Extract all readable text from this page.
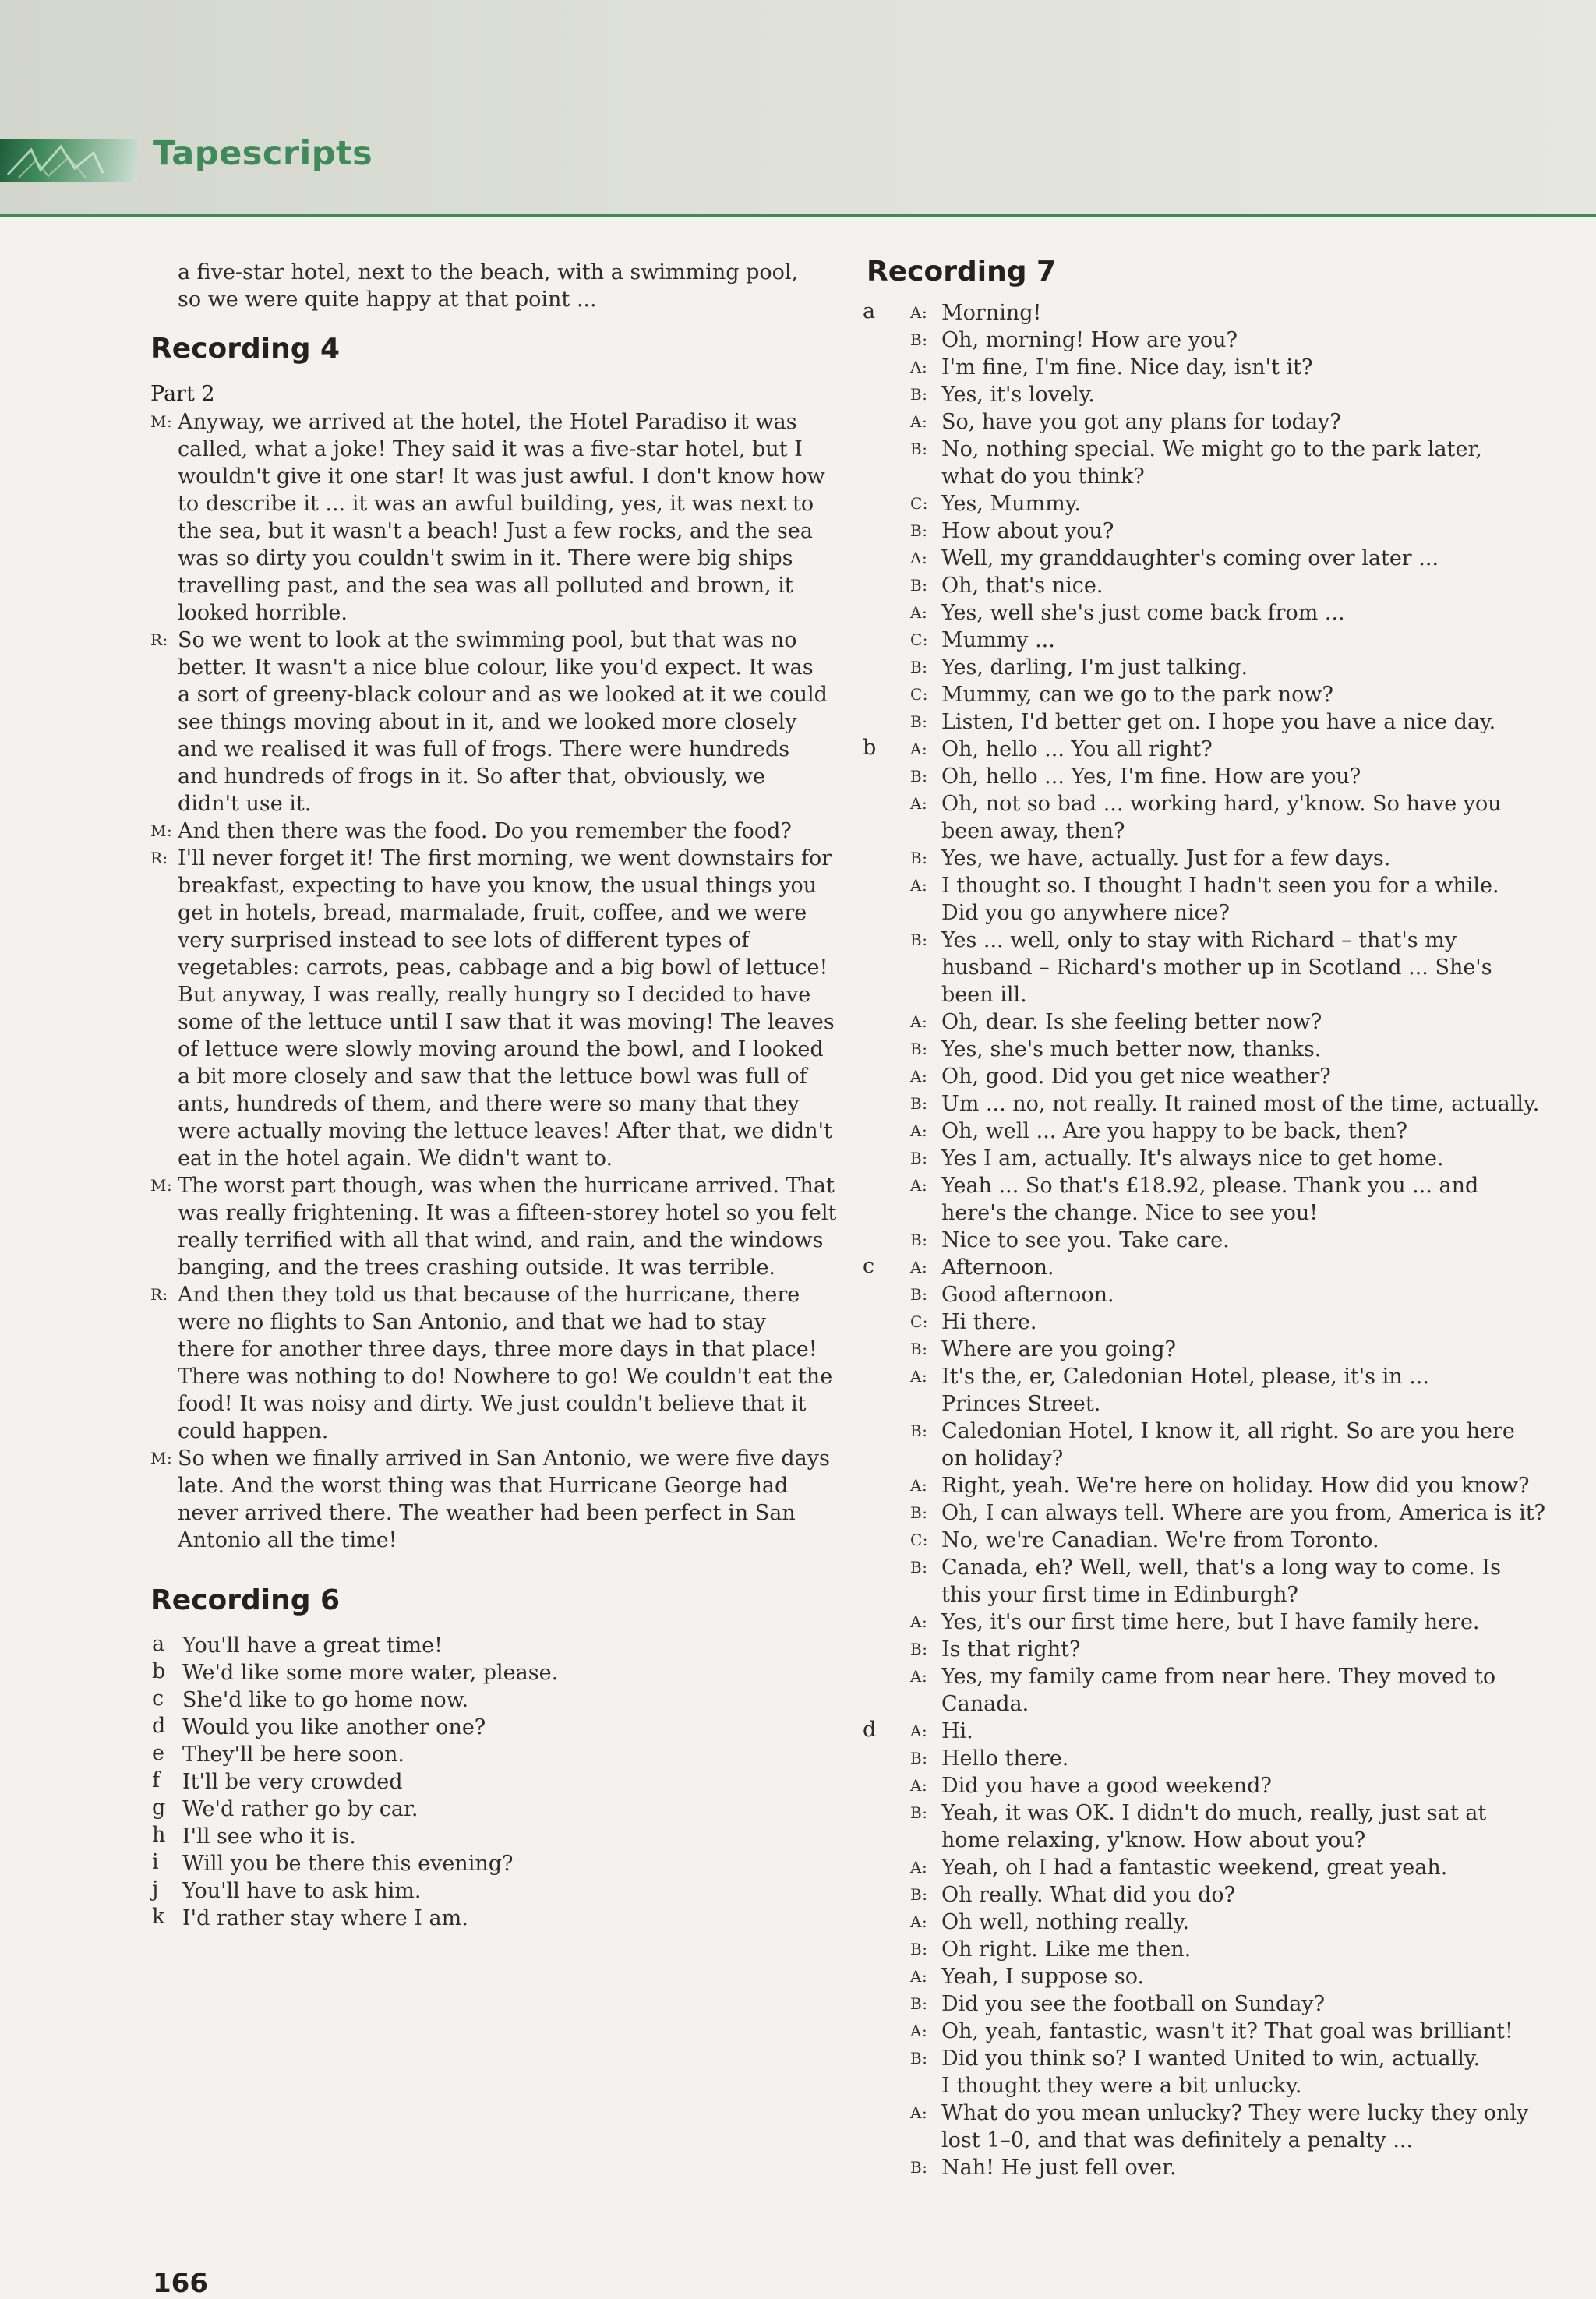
Tapescripts
a five-star hotel, next to the beach, with a swimming pool,
so we were quite happy at that point ...
Recording 4
Part 2
M: Anyway, we arrived at the hotel, the Hotel Paradiso it was
called, what a joke! They said it was a five-star hotel, but I
wouldn't give it one star! It was just awful. I don't know how
to describe it ... it was an awful building, yes, it was next to
the sea, but it wasn't a beach! Just a few rocks, and the sea
was so dirty you couldn't swim in it. There were big ships
travelling past, and the sea was all polluted and brown, it
looked horrible.
R: So we went to look at the swimming pool, but that was no
better. It wasn't a nice blue colour, like you'd expect. It was
a sort of greeny-black colour and as we looked at it we could
see things moving about in it, and we looked more closely
and we realised it was full of frogs. There were hundreds
and hundreds of frogs in it. So after that, obviously, we
didn't use it.
M: And then there was the food. Do you remember the food?
R: I'll never forget it! The first morning, we went downstairs for
breakfast, expecting to have you know, the usual things you
get in hotels, bread, marmalade, fruit, coffee, and we were
very surprised instead to see lots of different types of
vegetables: carrots, peas, cabbage and a big bowl of lettuce!
But anyway, I was really, really hungry so I decided to have
some of the lettuce until I saw that it was moving! The leaves
of lettuce were slowly moving around the bowl, and I looked
a bit more closely and saw that the lettuce bowl was full of
ants, hundreds of them, and there were so many that they
were actually moving the lettuce leaves! After that, we didn't
eat in the hotel again. We didn't want to.
M: The worst part though, was when the hurricane arrived. That
was really frightening. It was a fifteen-storey hotel so you felt
really terrified with all that wind, and rain, and the windows
banging, and the trees crashing outside. It was terrible.
R: And then they told us that because of the hurricane, there
were no flights to San Antonio, and that we had to stay
there for another three days, three more days in that place!
There was nothing to do! Nowhere to go! We couldn't eat the
food! It was noisy and dirty. We just couldn't believe that it
could happen.
M: So when we finally arrived in San Antonio, we were five days
late. And the worst thing was that Hurricane George had
never arrived there. The weather had been perfect in San
Antonio all the time!
Recording 6
a You'll have a great time!
b We'd like some more water, please.
c She'd like to go home now.
d Would you like another one?
e They'll be here soon.
f It'll be very crowded
g We'd rather go by car.
h I'll see who it is.
i Will you be there this evening?
j You'll have to ask him.
k I'd rather stay where I am.
Recording 7
a A: Morning!
B: Oh, morning! How are you?
A: I'm fine, I'm fine. Nice day, isn't it?
B: Yes, it's lovely.
A: So, have you got any plans for today?
B: No, nothing special. We might go to the park later,
what do you think?
C: Yes, Mummy.
B: How about you?
A: Well, my granddaughter's coming over later ...
B: Oh, that's nice.
A: Yes, well she's just come back from ...
C: Mummy ...
B: Yes, darling, I'm just talking.
C: Mummy, can we go to the park now?
B: Listen, I'd better get on. I hope you have a nice day.
b A: Oh, hello ... You all right?
B: Oh, hello ... Yes, I'm fine. How are you?
A: Oh, not so bad ... working hard, y'know. So have you
been away, then?
B: Yes, we have, actually. Just for a few days.
A: I thought so. I thought I hadn't seen you for a while.
Did you go anywhere nice?
B: Yes ... well, only to stay with Richard – that's my
husband – Richard's mother up in Scotland ... She's
been ill.
A: Oh, dear. Is she feeling better now?
B: Yes, she's much better now, thanks.
A: Oh, good. Did you get nice weather?
B: Um ... no, not really. It rained most of the time, actually.
A: Oh, well ... Are you happy to be back, then?
B: Yes I am, actually. It's always nice to get home.
A: Yeah ... So that's £18.92, please. Thank you ... and
here's the change. Nice to see you!
B: Nice to see you. Take care.
c A: Afternoon.
B: Good afternoon.
C: Hi there.
B: Where are you going?
A: It's the, er, Caledonian Hotel, please, it's in ...
Princes Street.
B: Caledonian Hotel, I know it, all right. So are you here
on holiday?
A: Right, yeah. We're here on holiday. How did you know?
B: Oh, I can always tell. Where are you from, America is it?
C: No, we're Canadian. We're from Toronto.
B: Canada, eh? Well, well, that's a long way to come. Is
this your first time in Edinburgh?
A: Yes, it's our first time here, but I have family here.
B: Is that right?
A: Yes, my family came from near here. They moved to
Canada.
d A: Hi.
B: Hello there.
A: Did you have a good weekend?
B: Yeah, it was OK. I didn't do much, really, just sat at
home relaxing, y'know. How about you?
A: Yeah, oh I had a fantastic weekend, great yeah.
B: Oh really. What did you do?
A: Oh well, nothing really.
B: Oh right. Like me then.
A: Yeah, I suppose so.
B: Did you see the football on Sunday?
A: Oh, yeah, fantastic, wasn't it? That goal was brilliant!
B: Did you think so? I wanted United to win, actually.
I thought they were a bit unlucky.
A: What do you mean unlucky? They were lucky they only
lost 1–0, and that was definitely a penalty ...
B: Nah! He just fell over.
166
